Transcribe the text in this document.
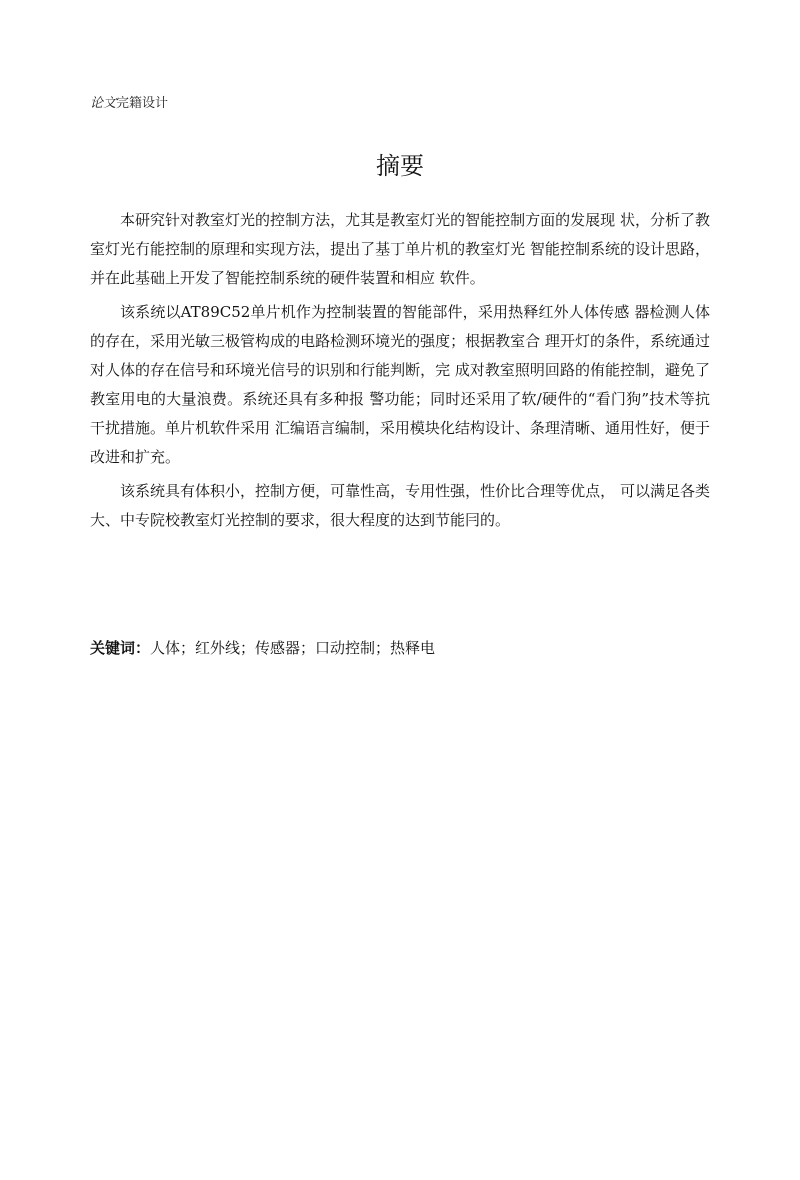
论文完籍设计
摘要

本研究针对教室灯光的控制方法，尤其是教室灯光的智能控制方面的发展现 状，分析了教室灯光冇能控制的原理和实现方法，提出了基丁单片机的教室灯光 智能控制系统的设计思路，并在此基础上开发了智能控制系统的硬件装置和相应 软件。

该系统以AT89C52单片机作为控制装置的智能部件，采用热释红外人体传感 器检测人体的存在，采用光敏三极管构成的电路检测环境光的强度；根据教室合 理开灯的条件，系统通过对人体的存在信号和环境光信号的识别和行能判断，完 成对教室照明回路的侑能控制，避免了教室用电的大量浪费。系统还具有多种报 警功能；同时还采用了软/硬件的“看门狗”技术等抗干扰措施。单片机软件采用 汇编语言编制，采用模块化结构设计、条理清晰、通用性好，便于改进和扩充。

该系统具有体积小，控制方便，可靠性高，专用性强，性价比合理等优点， 可以满足各类大、中专院校教室灯光控制的要求，很大程度的达到节能冃的。

关键词：人体；红外线；传感器；口动控制；热释电
